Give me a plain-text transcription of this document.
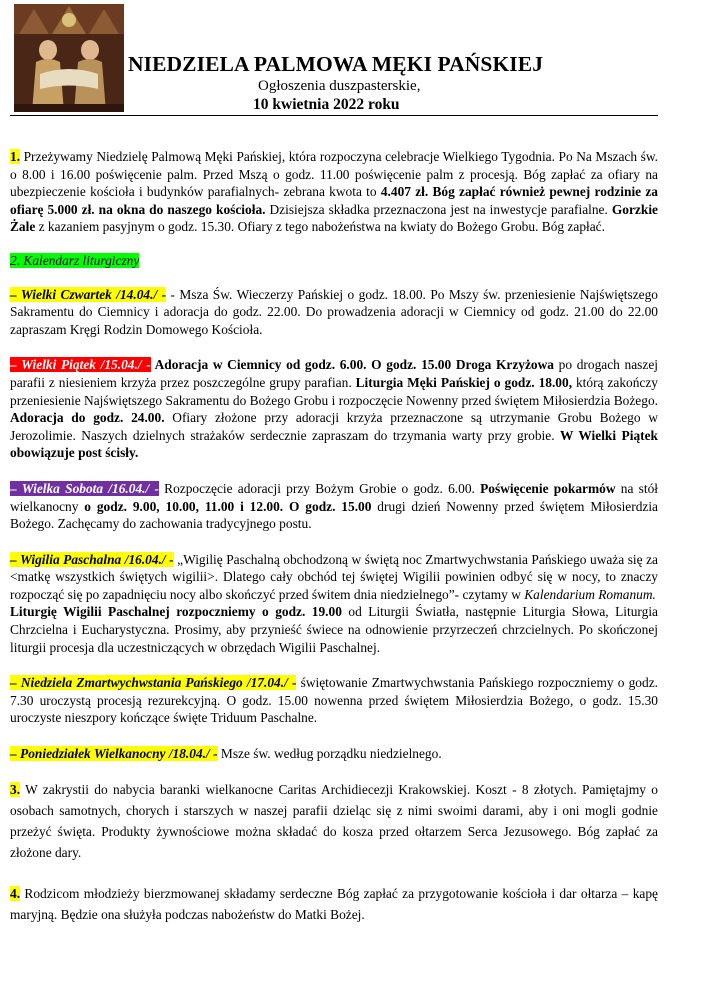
NIEDZIELA PALMOWA MĘKI PAŃSKIEJ
Ogłoszenia duszpasterskie,
10 kwietnia 2022 roku
1. Przeżywamy Niedzielę Palmową Męki Pańskiej, która rozpoczyna celebracje Wielkiego Tygodnia. Po Na Mszach św. o 8.00 i 16.00 poświęcenie palm. Przed Mszą o godz. 11.00 poświęcenie palm z procesją. Bóg zapłać za ofiary na ubezpieczenie kościoła i budynków parafialnych- zebrana kwota to 4.407 zł. Bóg zapłać również pewnej rodzinie za ofiarę 5.000 zł. na okna do naszego kościoła. Dzisiejsza składka przeznaczona jest na inwestycje parafialne. Gorzkie Żale z kazaniem pasyjnym o godz. 15.30. Ofiary z tego nabożeństwa na kwiaty do Bożego Grobu. Bóg zapłać.
2. Kalendarz liturgiczny
– Wielki Czwartek /14.04./ - - Msza Św. Wieczerzy Pańskiej o godz. 18.00. Po Mszy św. przeniesienie Najświętszego Sakramentu do Ciemnicy i adoracja do godz. 22.00. Do prowadzenia adoracji w Ciemnicy od godz. 21.00 do 22.00 zapraszam Kręgi Rodzin Domowego Kościoła.
– Wielki Piątek /15.04./ - Adoracja w Ciemnicy od godz. 6.00. O godz. 15.00 Droga Krzyżowa po drogach naszej parafii z niesieniem krzyża przez poszczególne grupy parafian. Liturgia Męki Pańskiej o godz. 18.00, którą zakończy przeniesienie Najświętszego Sakramentu do Bożego Grobu i rozpoczęcie Nowenny przed świętem Miłosierdzia Bożego. Adoracja do godz. 24.00. Ofiary złożone przy adoracji krzyża przeznaczone są utrzymanie Grobu Bożego w Jerozolimie. Naszych dzielnych strażaków serdecznie zapraszam do trzymania warty przy grobie. W Wielki Piątek obowiązuje post ścisły.
– Wielka Sobota /16.04./ - Rozpoczęcie adoracji przy Bożym Grobie o godz. 6.00. Poświęcenie pokarmów na stół wielkanocny o godz. 9.00, 10.00, 11.00 i 12.00. O godz. 15.00 drugi dzień Nowenny przed świętem Miłosierdzia Bożego. Zachęcamy do zachowania tradycyjnego postu.
– Wigilia Paschalna /16.04./ - „Wigilię Paschalną obchodzoną w świętą noc Zmartwychwstania Pańskiego uważa się za <matkę wszystkich świętych wigilii>. Dlatego cały obchód tej świętej Wigilii powinien odbyć się w nocy, to znaczy rozpocząć się po zapadnięciu nocy albo skończyć przed świtem dnia niedzielnego”- czytamy w Kalendarium Romanum.
Liturgię Wigilii Paschalnej rozpoczniemy o godz. 19.00 od Liturgii Światła, następnie Liturgia Słowa, Liturgia Chrzcielna i Eucharystyczna. Prosimy, aby przynieść świece na odnowienie przyrzeczeń chrzcielnych. Po skończonej liturgii procesja dla uczestniczących w obrzędach Wigilii Paschalnej.
– Niedziela Zmartwychwstania Pańskiego /17.04./ - świętowanie Zmartwychwstania Pańskiego rozpoczniemy o godz. 7.30 uroczystą procesją rezurekcyjną. O godz. 15.00 nowenna przed świętem Miłosierdzia Bożego, o godz. 15.30 uroczyste nieszpory kończące święte Triduum Paschalne.
– Poniedziałek Wielkanocny /18.04./ - Msze św. według porządku niedzielnego.
3. W zakrystii do nabycia baranki wielkanocne Caritas Archidiecezji Krakowskiej. Koszt - 8 złotych. Pamiętajmy o osobach samotnych, chorych i starszych w naszej parafii dzieląc się z nimi swoimi darami, aby i oni mogli godnie przeżyć święta. Produkty żywnościowe można składać do kosza przed ołtarzem Serca Jezusowego. Bóg zapłać za złożone dary.
4. Rodzicom młodzieży bierzmowanej składamy serdeczne Bóg zapłać za przygotowanie kościoła i dar ołtarza – kapę maryjną. Będzie ona służyła podczas nabożeństw do Matki Bożej.
